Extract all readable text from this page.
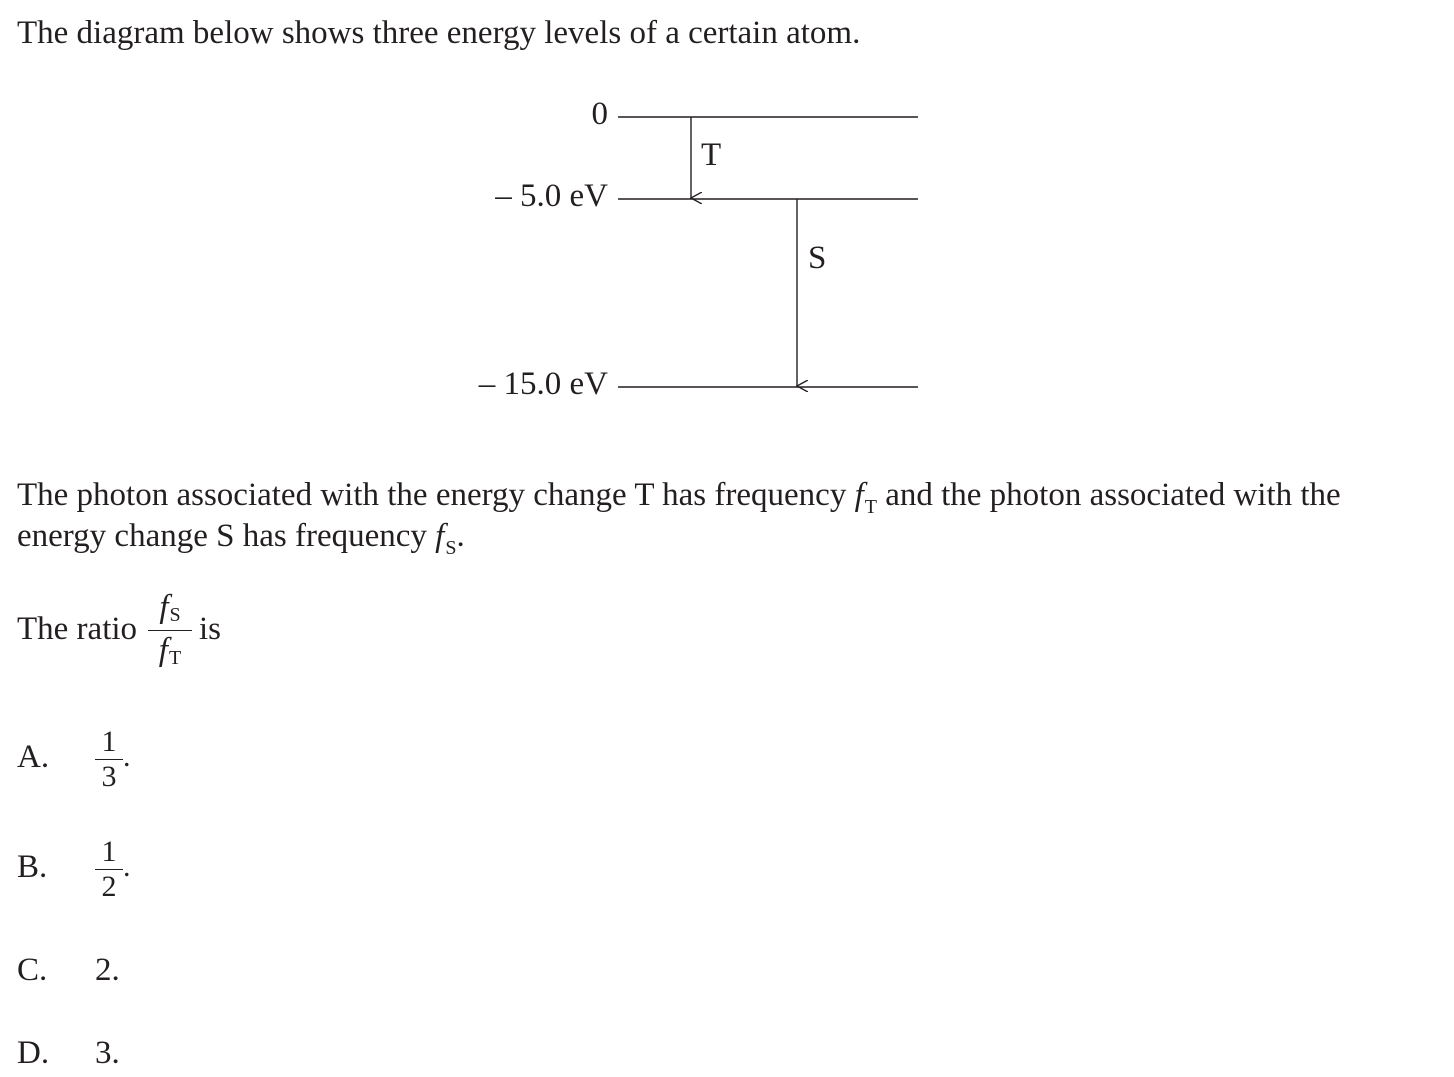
The diagram below shows three energy levels of a certain atom.
0
– 5.0 eV
– 15.0 eV
T
S
The photon associated with the energy change T has frequency $f_T$ and the photon associated with the
energy change S has frequency $f_S$.
The ratio
fS
fT
is
A. 1
3
.
B. 1
2
.
C. 2.
D. 3.
